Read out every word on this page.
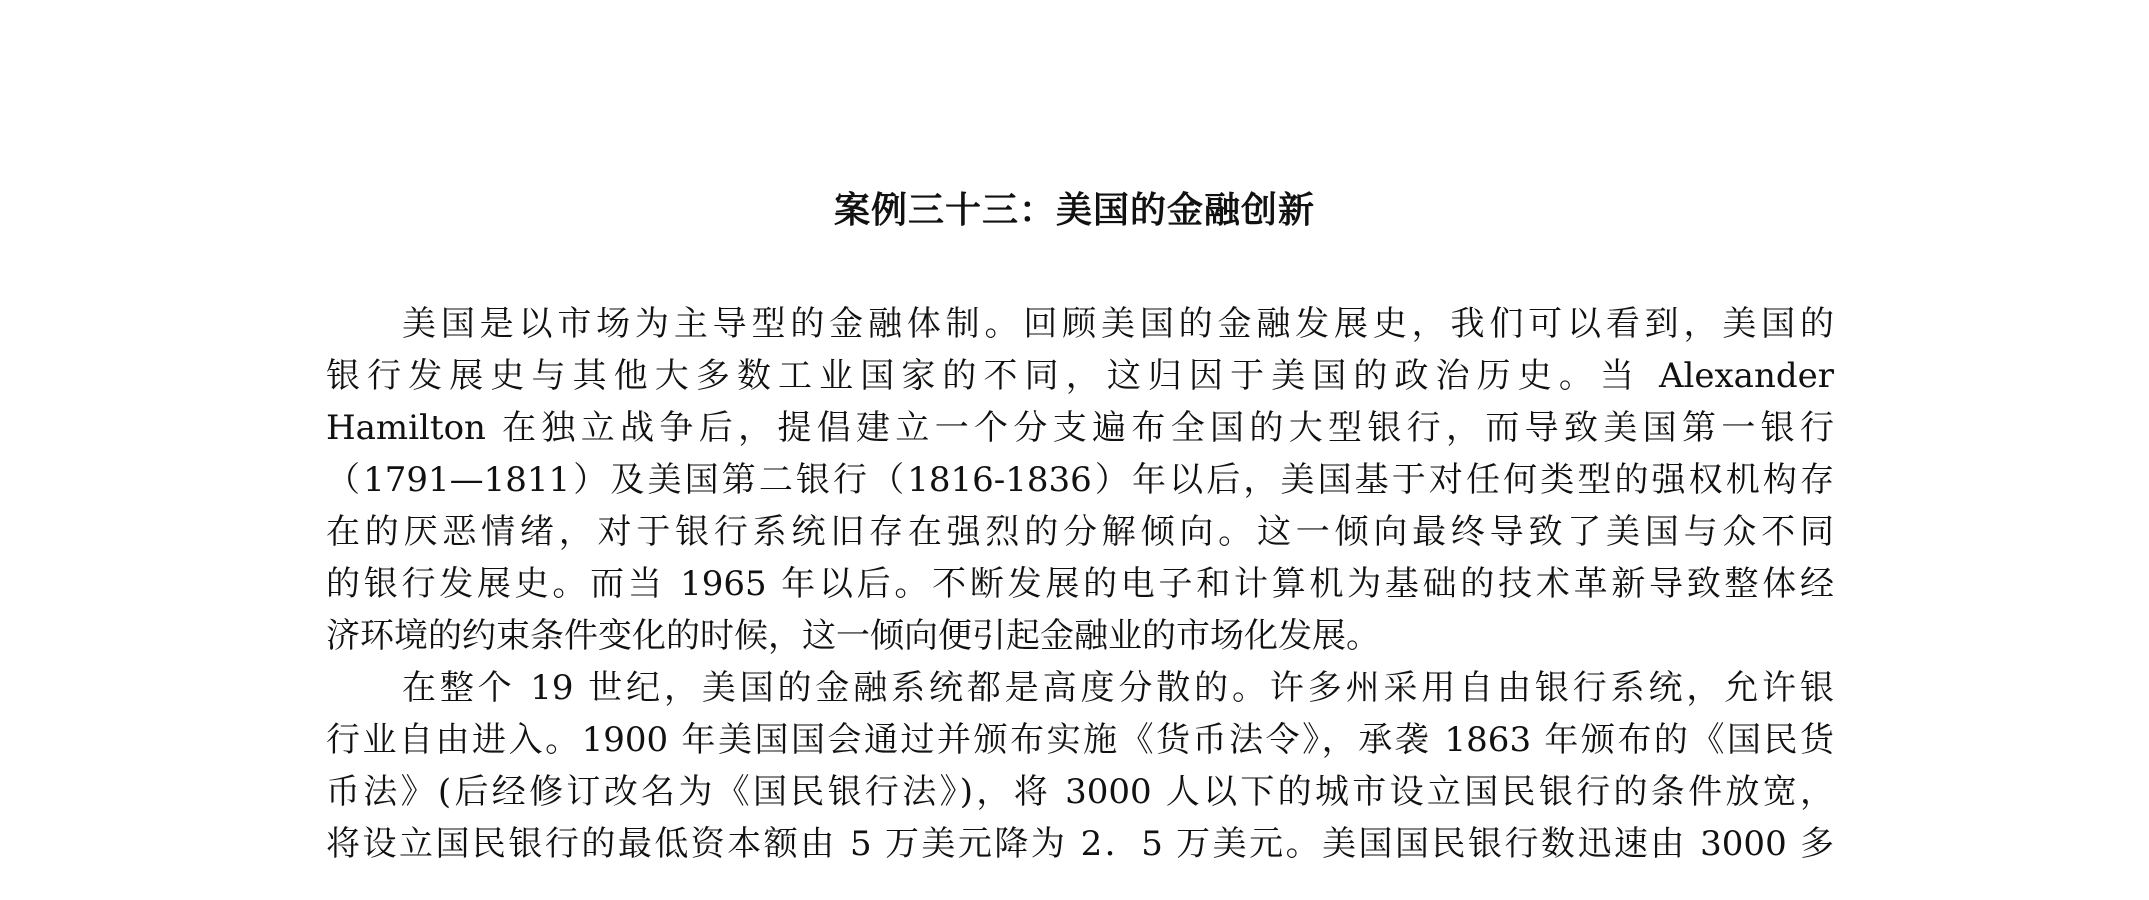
案例三十三：美国的金融创新
美国是以市场为主导型的金融体制。回顾美国的金融发展史，我们可以看到，美国的
银行发展史与其他大多数工业国家的不同，这归因于美国的政治历史。当 Alexander
Hamilton 在独立战争后，提倡建立一个分支遍布全国的大型银行，而导致美国第一银行
（1791—1811）及美国第二银行（1816-1836）年以后，美国基于对任何类型的强权机构存
在的厌恶情绪，对于银行系统旧存在强烈的分解倾向。这一倾向最终导致了美国与众不同
的银行发展史。而当 1965 年以后。不断发展的电子和计算机为基础的技术革新导致整体经
济环境的约束条件变化的时候，这一倾向便引起金融业的市场化发展。
在整个 19 世纪，美国的金融系统都是高度分散的。许多州采用自由银行系统，允许银
行业自由进入。1900 年美国国会通过并颁布实施《货币法令》，承袭 1863 年颁布的《国民货
币法》(后经修订改名为《国民银行法》)，将 3000 人以下的城市设立国民银行的条件放宽，
将设立国民银行的最低资本额由 5 万美元降为 2．5 万美元。美国国民银行数迅速由 3000 多
